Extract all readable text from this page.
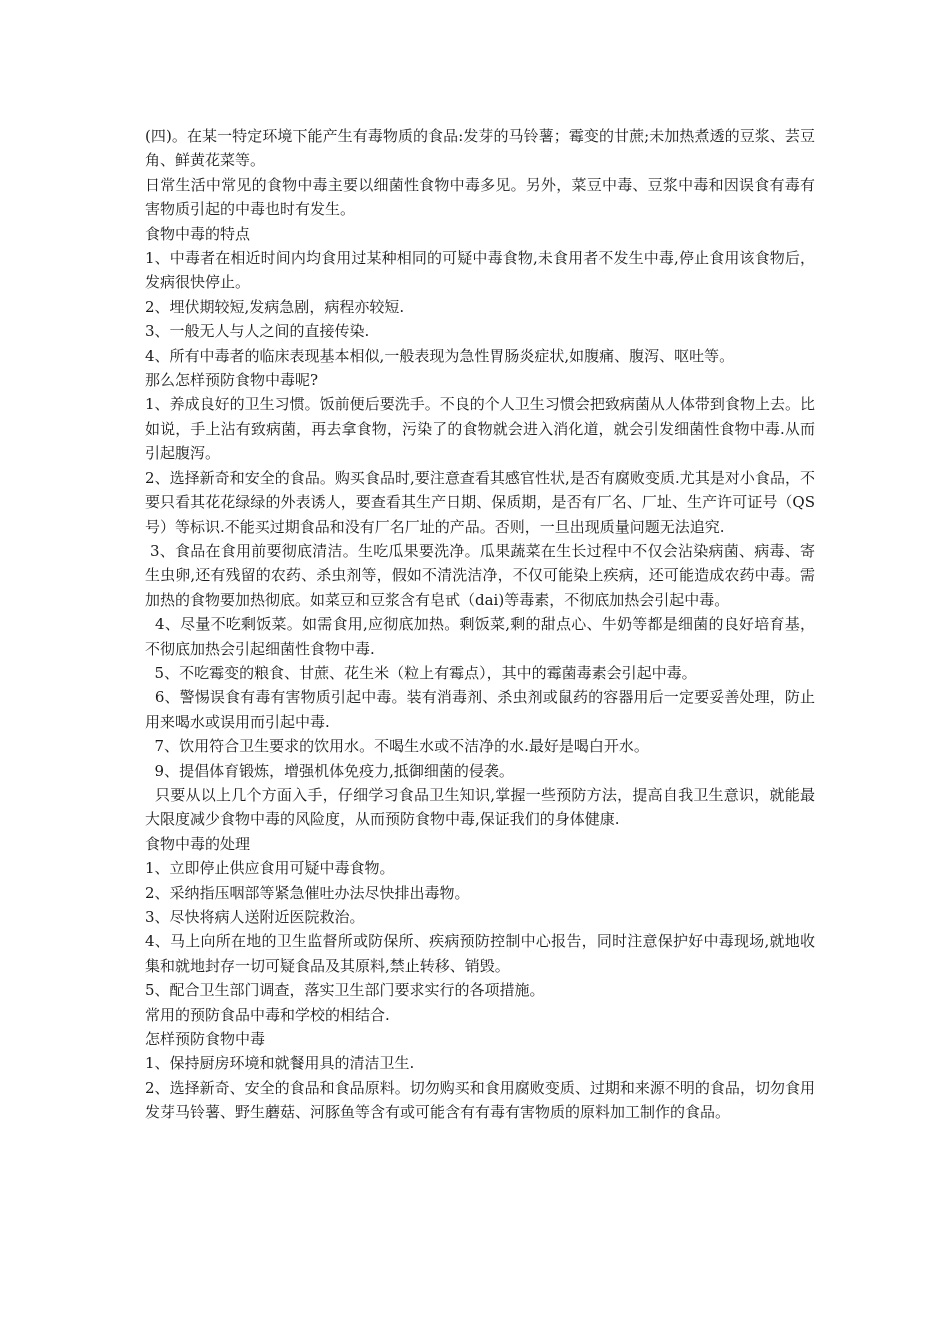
(四)。在某一特定环境下能产生有毒物质的食品:发芽的马铃薯；霉变的甘蔗;未加热煮透的豆浆、芸豆角、鲜黄花菜等。

日常生活中常见的食物中毒主要以细菌性食物中毒多见。另外，菜豆中毒、豆浆中毒和因误食有毒有害物质引起的中毒也时有发生。

食物中毒的特点

1、中毒者在相近时间内均食用过某种相同的可疑中毒食物,未食用者不发生中毒,停止食用该食物后，发病很快停止。

2、埋伏期较短,发病急剧，病程亦较短.

3、一般无人与人之间的直接传染.

4、所有中毒者的临床表现基本相似,一般表现为急性胃肠炎症状,如腹痛、腹泻、呕吐等。

那么怎样预防食物中毒呢?

1、养成良好的卫生习惯。饭前便后要洗手。不良的个人卫生习惯会把致病菌从人体带到食物上去。比如说，手上沾有致病菌，再去拿食物，污染了的食物就会进入消化道，就会引发细菌性食物中毒.从而引起腹泻。

2、选择新奇和安全的食品。购买食品时,要注意查看其感官性状,是否有腐败变质.尤其是对小食品，不要只看其花花绿绿的外表诱人，要查看其生产日期、保质期，是否有厂名、厂址、生产许可证号（QS 号）等标识.不能买过期食品和没有厂名厂址的产品。否则，一旦出现质量问题无法追究.

3、食品在食用前要彻底清洁。生吃瓜果要洗净。瓜果蔬菜在生长过程中不仅会沾染病菌、病毒、寄生虫卵,还有残留的农药、杀虫剂等，假如不清洗洁净，不仅可能染上疾病，还可能造成农药中毒。需加热的食物要加热彻底。如菜豆和豆浆含有皂甙（dai)等毒素，不彻底加热会引起中毒。

4、尽量不吃剩饭菜。如需食用,应彻底加热。剩饭菜,剩的甜点心、牛奶等都是细菌的良好培育基，不彻底加热会引起细菌性食物中毒.

5、不吃霉变的粮食、甘蔗、花生米（粒上有霉点），其中的霉菌毒素会引起中毒。

6、警惕误食有毒有害物质引起中毒。装有消毒剂、杀虫剂或鼠药的容器用后一定要妥善处理，防止用来喝水或误用而引起中毒.

7、饮用符合卫生要求的饮用水。不喝生水或不洁净的水.最好是喝白开水。

9、提倡体育锻炼，增强机体免疫力,抵御细菌的侵袭。

只要从以上几个方面入手，仔细学习食品卫生知识,掌握一些预防方法，提高自我卫生意识，就能最大限度减少食物中毒的风险度，从而预防食物中毒,保证我们的身体健康.

食物中毒的处理

1、立即停止供应食用可疑中毒食物。

2、采纳指压咽部等紧急催吐办法尽快排出毒物。

3、尽快将病人送附近医院救治。

4、马上向所在地的卫生监督所或防保所、疾病预防控制中心报告，同时注意保护好中毒现场,就地收集和就地封存一切可疑食品及其原料,禁止转移、销毁。

5、配合卫生部门调查，落实卫生部门要求实行的各项措施。

常用的预防食品中毒和学校的相结合.

怎样预防食物中毒

1、保持厨房环境和就餐用具的清洁卫生.

2、选择新奇、安全的食品和食品原料。切勿购买和食用腐败变质、过期和来源不明的食品，切勿食用发芽马铃薯、野生蘑菇、河豚鱼等含有或可能含有有毒有害物质的原料加工制作的食品。
